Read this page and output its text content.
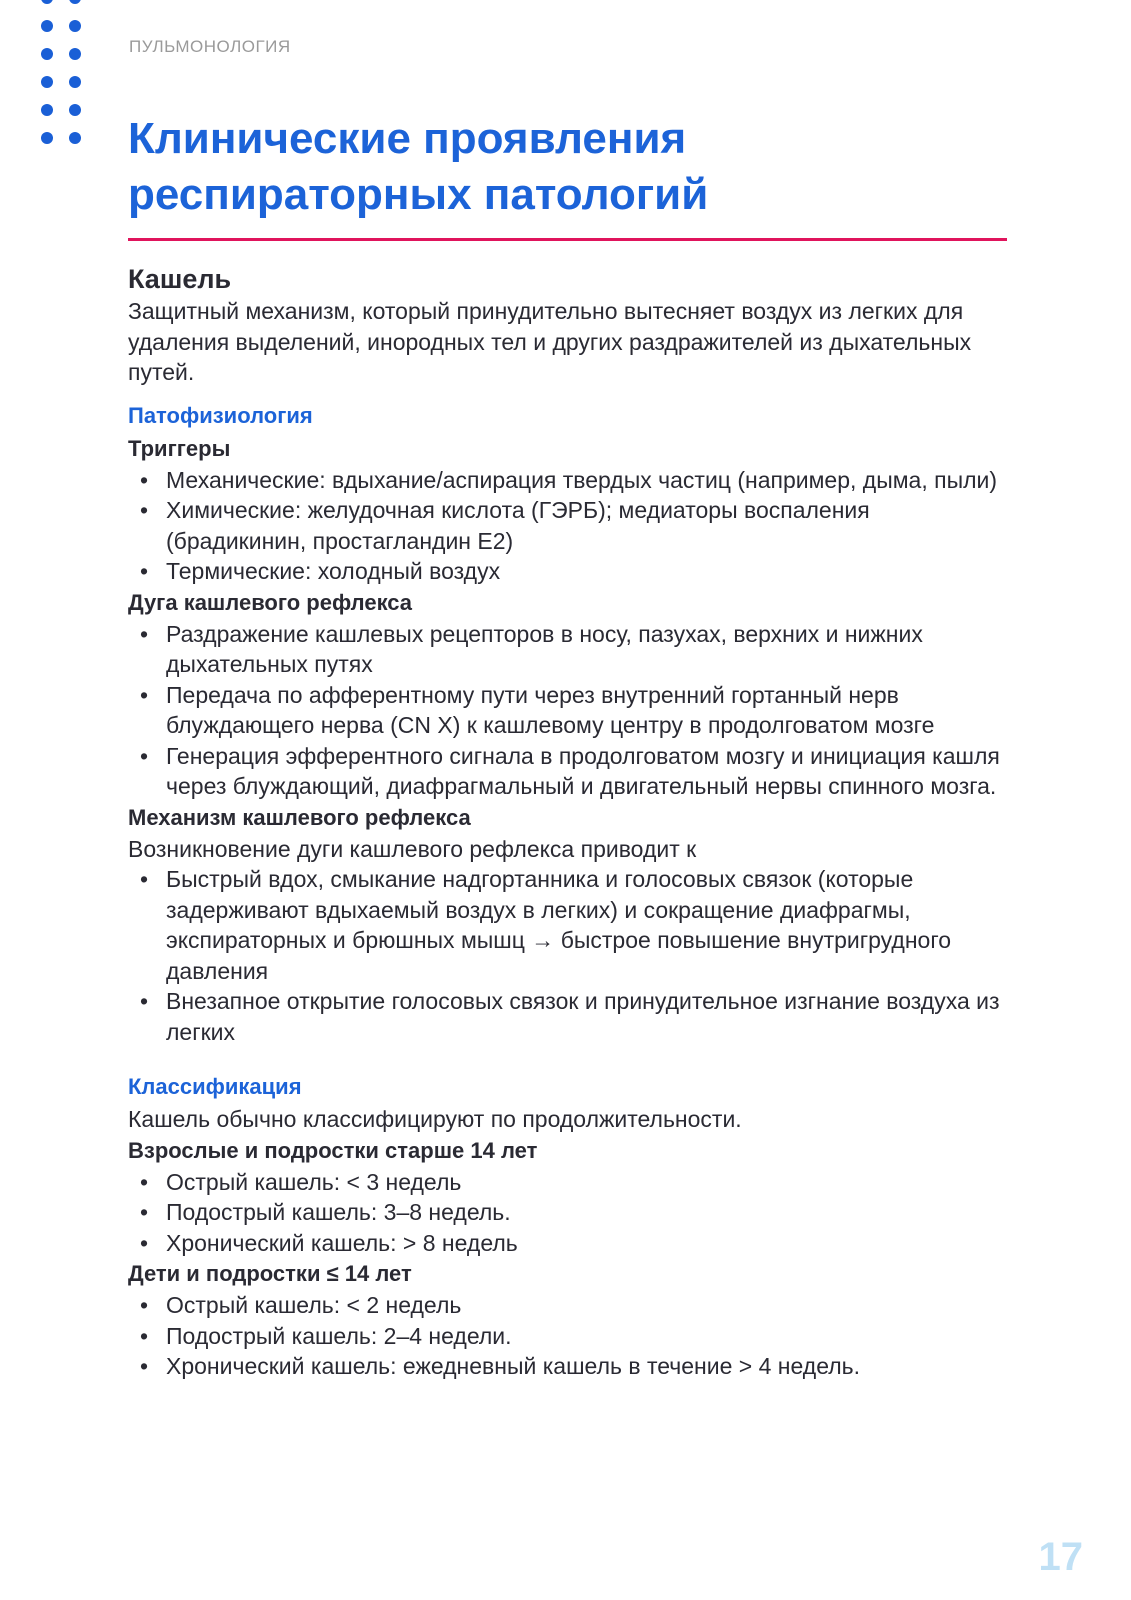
ПУЛЬМОНОЛОГИЯ
Клинические проявления респираторных патологий
Кашель

Защитный механизм, который принудительно вытесняет воздух из легких для удаления выделений, инородных тел и других раздражителей из дыхательных путей.

Патофизиология
Триггеры
• Механические: вдыхание/аспирация твердых частиц (например, дыма, пыли)
• Химические: желудочная кислота (ГЭРБ); медиаторы воспаления (брадикинин, простагландин E2)
• Термические: холодный воздух
Дуга кашлевого рефлекса
• Раздражение кашлевых рецепторов в носу, пазухах, верхних и нижних дыхательных путях
• Передача по афферентному пути через внутренний гортанный нерв блуждающего нерва (CN X) к кашлевому центру в продолговатом мозге
• Генерация эфферентного сигнала в продолговатом мозгу и инициация кашля через блуждающий, диафрагмальный и двигательный нервы спинного мозга.
Механизм кашлевого рефлекса

Возникновение дуги кашлевого рефлекса приводит к

• Быстрый вдох, смыкание надгортанника и голосовых связок (которые задерживают вдыхаемый воздух в легких) и сокращение диафрагмы, экспираторных и брюшных мышц → быстрое повышение внутригрудного давления
• Внезапное открытие голосовых связок и принудительное изгнание воздуха из легких
Классификация

Кашель обычно классифицируют по продолжительности.

Взрослые и подростки старше 14 лет
• Острый кашель: < 3 недель
• Подострый кашель: 3–8 недель.
• Хронический кашель: > 8 недель
Дети и подростки ≤ 14 лет
• Острый кашель: < 2 недель
• Подострый кашель: 2–4 недели.
• Хронический кашель: ежедневный кашель в течение > 4 недель.
17
